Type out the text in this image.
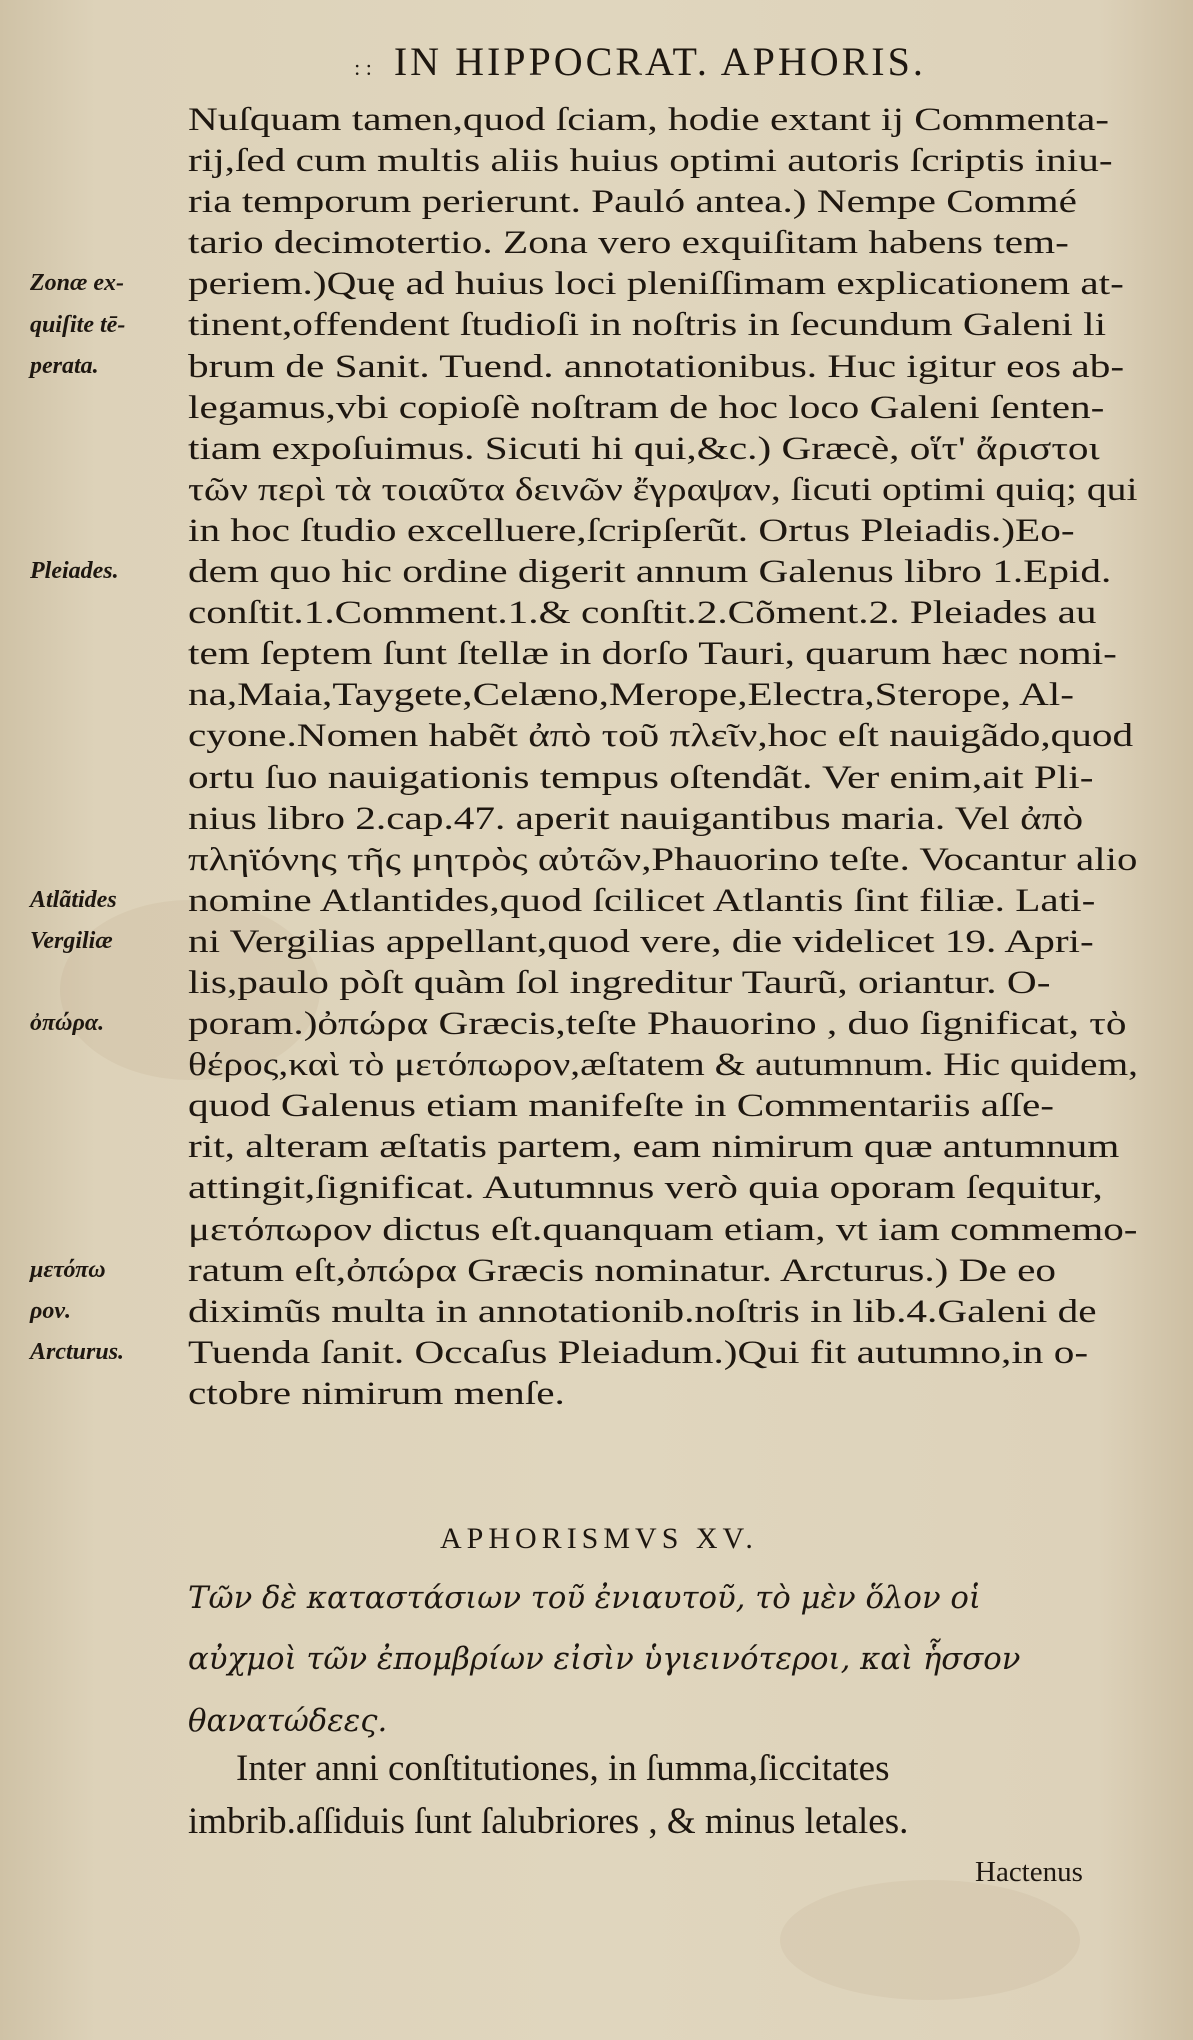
: : IN HIPPOCRAT. APHORIS.
Nuſquam tamen,quod ſciam, hodie extant ij Commenta-
rij,ſed cum multis aliis huius optimi autoris ſcriptis iniu-
ria temporum perierunt. Pauló antea.) Nempe Commé
tario decimotertio. Zona vero exquiſitam habens tem-
periem.)Quę ad huius loci pleniſſimam explicationem at-
tinent,offendent ſtudioſi in noſtris in ſecundum Galeni li
brum de Sanit. Tuend. annotationibus. Huc igitur eos ab-
legamus,vbi copioſè noſtram de hoc loco Galeni ſenten-
tiam expoſuimus. Sicuti hi qui,&c.) Græcè, οἵτ' ἄριστοι
τῶν περὶ τὰ τοιαῦτα δεινῶν ἔγραψαν, ſicuti optimi quiq; qui
in hoc ſtudio excelluere,ſcripſerũt. Ortus Pleiadis.)Eo-
dem quo hic ordine digerit annum Galenus libro 1.Epid.
conſtit.1.Comment.1.& conſtit.2.Cõment.2. Pleiades au
tem ſeptem ſunt ſtellæ in dorſo Tauri, quarum hæc nomi-
na,Maia,Taygete,Celæno,Merope,Electra,Sterope, Al-
cyone.Nomen habẽt ἀπὸ τοῦ πλεῖν,hoc eſt nauigãdo,quod
ortu ſuo nauigationis tempus oſtendãt. Ver enim,ait Pli-
nius libro 2.cap.47. aperit nauigantibus maria. Vel ἀπὸ
πληϊόνης τῆς μητρὸς αὐτῶν,Phauorino teſte. Vocantur alio
nomine Atlantides,quod ſcilicet Atlantis ſint filiæ. Lati-
ni Vergilias appellant,quod vere, die videlicet 19. Apri-
lis,paulo pòſt quàm ſol ingreditur Taurũ, oriantur. O-
poram.)ὀπώρα Græcis,teſte Phauorino , duo ſignificat, τὸ
θέρος,καὶ τὸ μετόπωρον,æſtatem & autumnum. Hic quidem,
quod Galenus etiam manifeſte in Commentariis aſſe-
rit, alteram æſtatis partem, eam nimirum quæ antumnum
attingit,ſignificat. Autumnus verò quia oporam ſequitur,
μετόπωρον dictus eſt.quanquam etiam, vt iam commemo-
ratum eſt,ὀπώρα Græcis nominatur. Arcturus.) De eo
diximũs multa in annotationib.noſtris in lib.4.Galeni de
Tuenda ſanit. Occaſus Pleiadum.)Qui fit autumno,in o-
ctobre nimirum menſe.
Zonæ ex-
quiſite tē-
perata.
Pleiades.
Atlãtides
Vergiliæ
ὀπώρα.
μετόπω
ρον.
Arcturus.
APHORISMVS XV.
Τῶν δὲ καταστάσιων τοῦ ἐνιαυτοῦ, τὸ μὲν ὅλον οἱ
αὐχμοὶ τῶν ἐπομβρίων εἰσὶν ὑγιεινότεροι, καὶ ἧσσον
θανατώδεες.
Inter anni conſtitutiones, in ſumma,ſiccitates
imbrib.aſſiduis ſunt ſalubriores , & minus letales.
Hactenus
